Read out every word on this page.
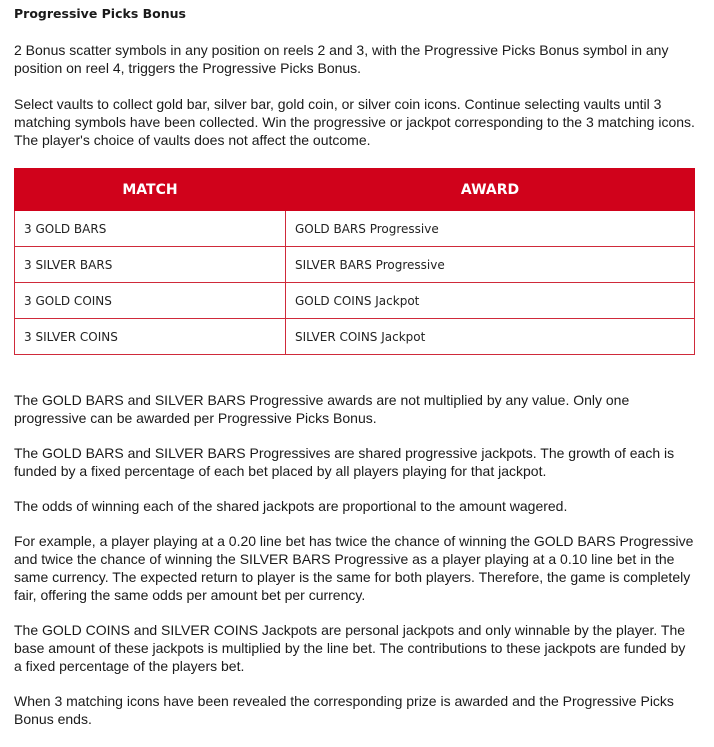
Progressive Picks Bonus

2 Bonus scatter symbols in any position on reels 2 and 3, with the Progressive Picks Bonus symbol in any position on reel 4, triggers the Progressive Picks Bonus.

Select vaults to collect gold bar, silver bar, gold coin, or silver coin icons. Continue selecting vaults until 3 matching symbols have been collected. Win the progressive or jackpot corresponding to the 3 matching icons. The player's choice of vaults does not affect the outcome.

MATCH	AWARD
3 GOLD BARS	GOLD BARS Progressive
3 SILVER BARS	SILVER BARS Progressive
3 GOLD COINS	GOLD COINS Jackpot
3 SILVER COINS	SILVER COINS Jackpot

The GOLD BARS and SILVER BARS Progressive awards are not multiplied by any value. Only one progressive can be awarded per Progressive Picks Bonus.

The GOLD BARS and SILVER BARS Progressives are shared progressive jackpots. The growth of each is funded by a fixed percentage of each bet placed by all players playing for that jackpot.

The odds of winning each of the shared jackpots are proportional to the amount wagered.

For example, a player playing at a 0.20 line bet has twice the chance of winning the GOLD BARS Progressive and twice the chance of winning the SILVER BARS Progressive as a player playing at a 0.10 line bet in the same currency. The expected return to player is the same for both players. Therefore, the game is completely fair, offering the same odds per amount bet per currency.

The GOLD COINS and SILVER COINS Jackpots are personal jackpots and only winnable by the player. The base amount of these jackpots is multiplied by the line bet. The contributions to these jackpots are funded by a fixed percentage of the players bet.

When 3 matching icons have been revealed the corresponding prize is awarded and the Progressive Picks Bonus ends.
